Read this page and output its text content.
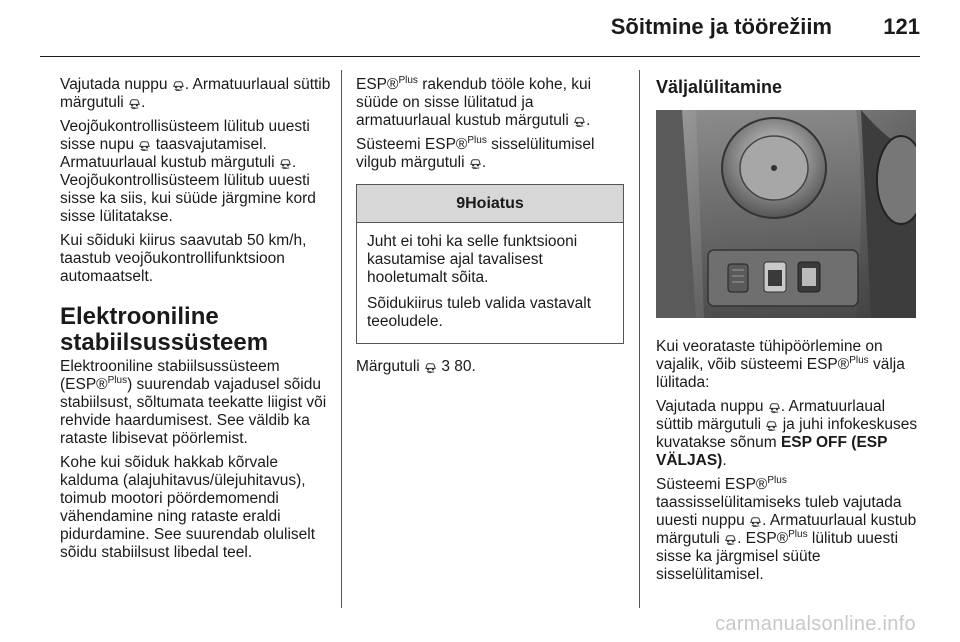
Sõitmine ja töörežiim 121

Vajutada nuppu . Armatuurlaual süttib märgutuli .

Veojõukontrollisüsteem lülitub uuesti sisse nupu  taasvajutamisel. Armatuurlaual kustub märgutuli . Veojõukontrollisüsteem lülitub uuesti sisse ka siis, kui süüde järgmine kord sisse lülitatakse.

Kui sõiduki kiirus saavutab 50 km/h, taastub veojõukontrollifunktsioon automaatselt.

Elektrooniline stabiilsussüsteem

Elektrooniline stabiilsussüsteem (ESP®$^{Plus}$) suurendab vajadusel sõidu stabiilsust, sõltumata teekatte liigist või rehvide haardumisest. See väldib ka rataste libisevat pöörlemist.

Kohe kui sõiduk hakkab kõrvale kalduma (alajuhitavus/ülejuhitavus), toimub mootori pöördemomendi vähendamine ning rataste eraldi pidurdamine. See suurendab oluliselt sõidu stabiilsust libedal teel.

ESP®$^{Plus}$ rakendub tööle kohe, kui süüde on sisse lülitatud ja armatuurlaual kustub märgutuli .

Süsteemi ESP®$^{Plus}$ sisselülitumisel vilgub märgutuli .

9Hoiatus

Juht ei tohi ka selle funktsiooni kasutamise ajal tavalisest hooletumalt sõita.

Sõidukiirus tuleb valida vastavalt teeoludele.

Märgutuli  3 80.

Väljalülitamine

Kui veorataste tühipöörlemine on vajalik, võib süsteemi ESP®$^{Plus}$ välja lülitada:

Vajutada nuppu . Armatuurlaual süttib märgutuli  ja juhi infokeskuses kuvatakse sõnum ESP OFF (ESP VÄLJAS).

Süsteemi ESP®$^{Plus}$ taassisselülitamiseks tuleb vajutada uuesti nuppu . Armatuurlaual kustub märgutuli . ESP®$^{Plus}$ lülitub uuesti sisse ka järgmisel süüte sisselülitamisel.

carmanualsonline.info
